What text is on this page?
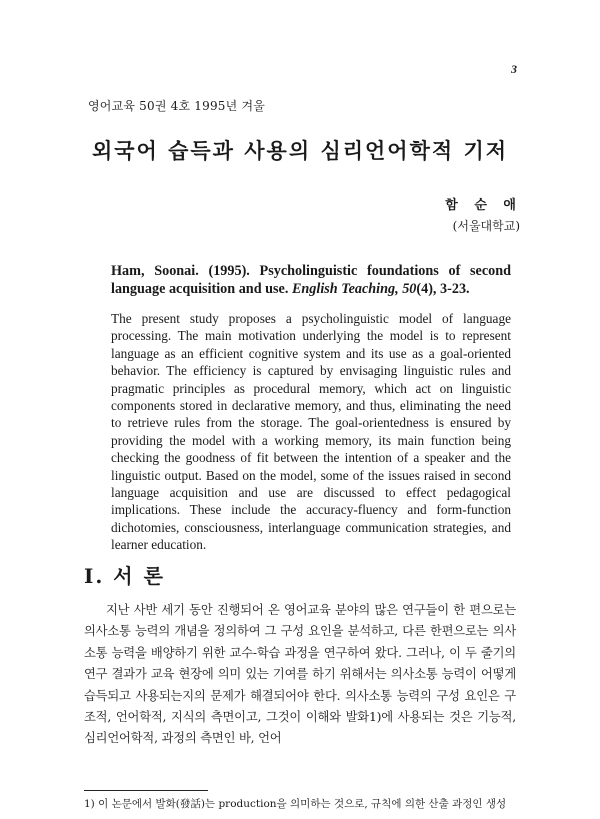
3
영어교육 50권 4호 1995년 겨울
외국어 습득과 사용의 심리언어학적 기저
함 순 애
(서울대학교)
Ham, Soonai. (1995). Psycholinguistic foundations of second language acquisition and use. English Teaching, 50(4), 3-23.
The present study proposes a psycholinguistic model of language processing. The main motivation underlying the model is to represent language as an efficient cognitive system and its use as a goal-oriented behavior. The efficiency is captured by envisaging linguistic rules and pragmatic principles as procedural memory, which act on linguistic components stored in declarative memory, and thus, eliminating the need to retrieve rules from the storage. The goal-orientedness is ensured by providing the model with a working memory, its main function being checking the goodness of fit between the intention of a speaker and the linguistic output. Based on the model, some of the issues raised in second language acquisition and use are discussed to effect pedagogical implications. These include the accuracy-fluency and form-function dichotomies, consciousness, interlanguage communication strategies, and learner education.
I. 서 론

지난 사반 세기 동안 진행되어 온 영어교육 분야의 많은 연구들이 한 편으로는 의사소통 능력의 개념을 정의하여 그 구성 요인을 분석하고, 다른 한편으로는 의사소통 능력을 배양하기 위한 교수-학습 과정을 연구하여 왔다. 그러나, 이 두 줄기의 연구 결과가 교육 현장에 의미 있는 기여를 하기 위해서는 의사소통 능력이 어떻게 습득되고 사용되는지의 문제가 해결되어야 한다. 의사소통 능력의 구성 요인은 구조적, 언어학적, 지식의 측면이고, 그것이 이해와 발화1)에 사용되는 것은 기능적, 심리언어학적, 과정의 측면인 바, 언어

1) 이 논문에서 발화(發話)는 production을 의미하는 것으로, 규칙에 의한 산출 과정인 생성
